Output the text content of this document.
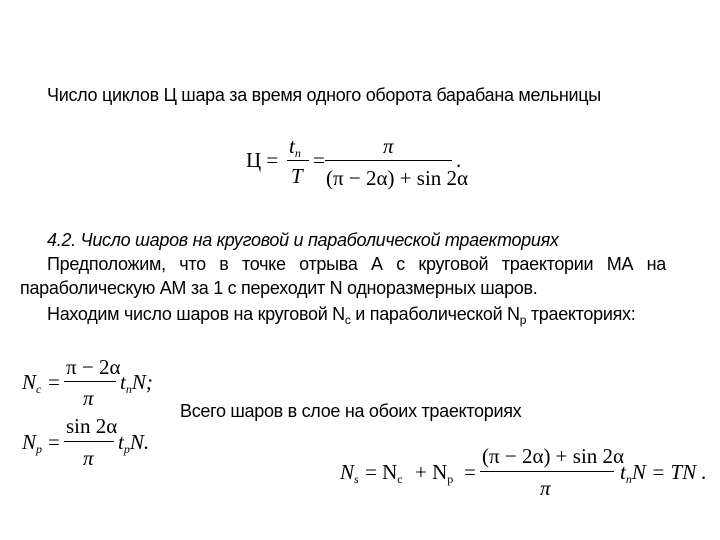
Число циклов Ц шара за время одного оборота барабана мельницы
Ц =
$t_n$
T
=
π
(π − 2α) + sin 2α
.
4.2. Число шаров на круговой и параболической траекториях
Предположим, что в точке отрыва А с круговой траектории МА на
параболическую АМ за 1 с переходит N одноразмерных шаров.
Находим число шаров на круговой $N_c$ и параболической $N_p$ траекториях:
$N_c$ =
π − 2α
π
$t_nN$;
Всего шаров в слое на обоих траекториях
$N_p$ =
sin 2α
π
$t_pN$.
$N_s = N_c + N_p$ =
(π − 2α) + sin 2α
π
$t_nN$ = TN .
